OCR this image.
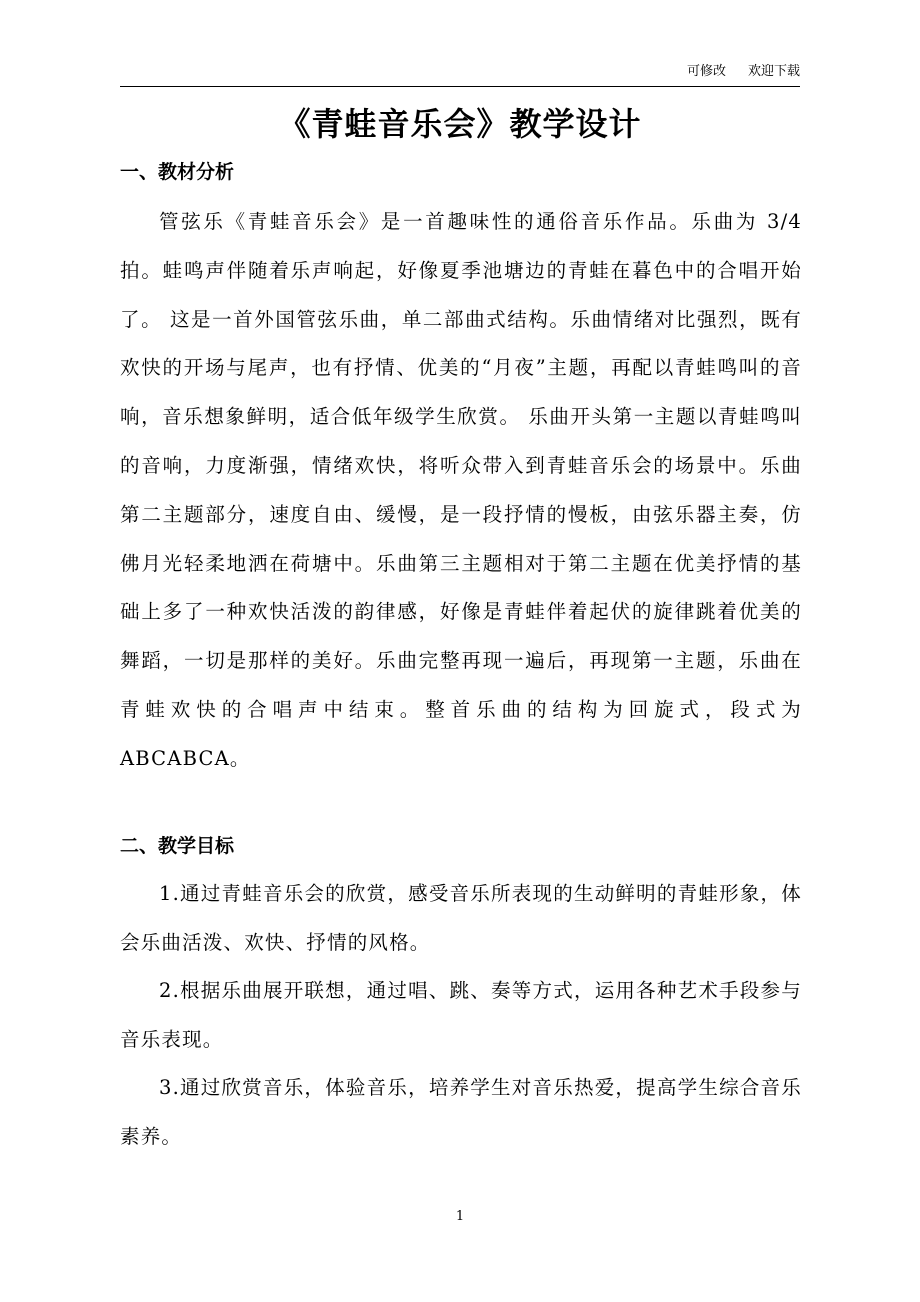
可修改 欢迎下载
《青蛙音乐会》教学设计
一、教材分析
管弦乐《青蛙音乐会》是一首趣味性的通俗音乐作品。乐曲为 3/4 拍。蛙鸣声伴随着乐声响起，好像夏季池塘边的青蛙在暮色中的合唱开始了。 这是一首外国管弦乐曲，单二部曲式结构。乐曲情绪对比强烈，既有欢快的开场与尾声，也有抒情、优美的“月夜”主题，再配以青蛙鸣叫的音响，音乐想象鲜明，适合低年级学生欣赏。 乐曲开头第一主题以青蛙鸣叫的音响，力度渐强，情绪欢快，将听众带入到青蛙音乐会的场景中。乐曲第二主题部分，速度自由、缓慢，是一段抒情的慢板，由弦乐器主奏，仿佛月光轻柔地洒在荷塘中。乐曲第三主题相对于第二主题在优美抒情的基础上多了一种欢快活泼的韵律感，好像是青蛙伴着起伏的旋律跳着优美的舞蹈，一切是那样的美好。乐曲完整再现一遍后，再现第一主题，乐曲在青蛙欢快的合唱声中结束。整首乐曲的结构为回旋式，段式为 ABCABCA。
二、教学目标
1.通过青蛙音乐会的欣赏，感受音乐所表现的生动鲜明的青蛙形象，体会乐曲活泼、欢快、抒情的风格。
2.根据乐曲展开联想，通过唱、跳、奏等方式，运用各种艺术手段参与音乐表现。
3.通过欣赏音乐，体验音乐，培养学生对音乐热爱，提高学生综合音乐素养。
1
